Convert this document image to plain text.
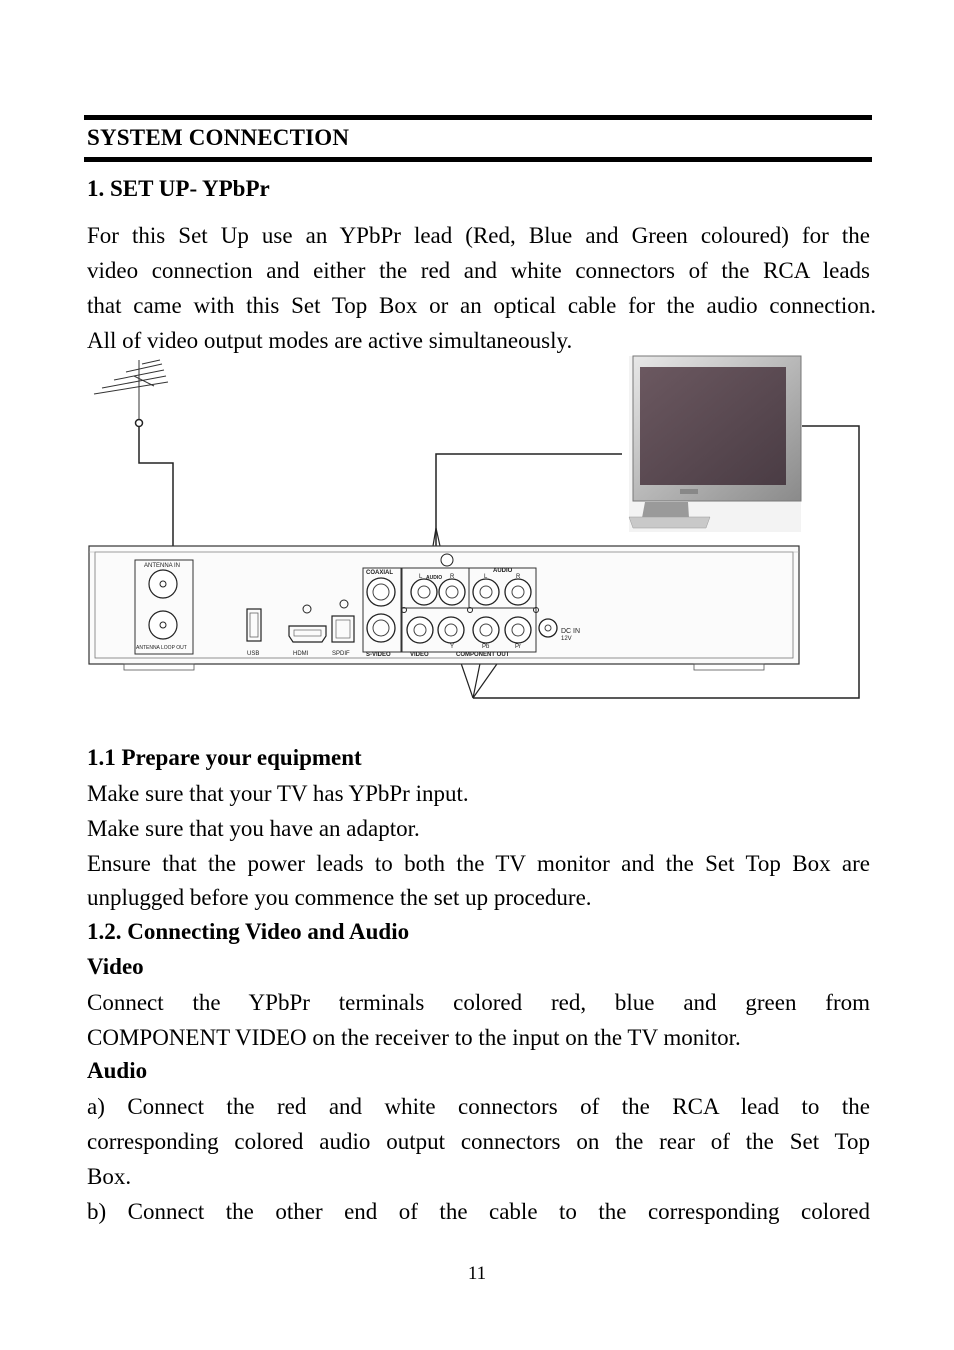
SYSTEM CONNECTION
1. SET UP- YPbPr
For this Set Up use an YPbPr lead (Red, Blue and Green coloured) for the
video connection and either the red and white connectors of the RCA leads
that came with this Set Top Box or an optical cable for the audio connection.
All of video output modes are active simultaneously.
ANTENNA IN
ANTENNA LOOP OUT
USB	HDMI	SPDIF
COAXIAL
S-VIDEO
AUDIO
AUDIO
L	R	L	R
VIDEO
Y	Pb	Pr
COMPONENT OUT
DC IN
12V
1.1 Prepare your equipment
Make sure that your TV has YPbPr input.
Make sure that you have an adaptor.
Ensure that the power leads to both the TV monitor and the Set Top Box are
unplugged before you commence the set up procedure.
1.2. Connecting Video and Audio
Video
Connect the YPbPr terminals colored red, blue and green from
COMPONENT VIDEO on the receiver to the input on the TV monitor.
Audio
a) Connect the red and white connectors of the RCA lead to the
corresponding colored audio output connectors on the rear of the Set Top
Box.
b) Connect the other end of the cable to the corresponding colored
11
